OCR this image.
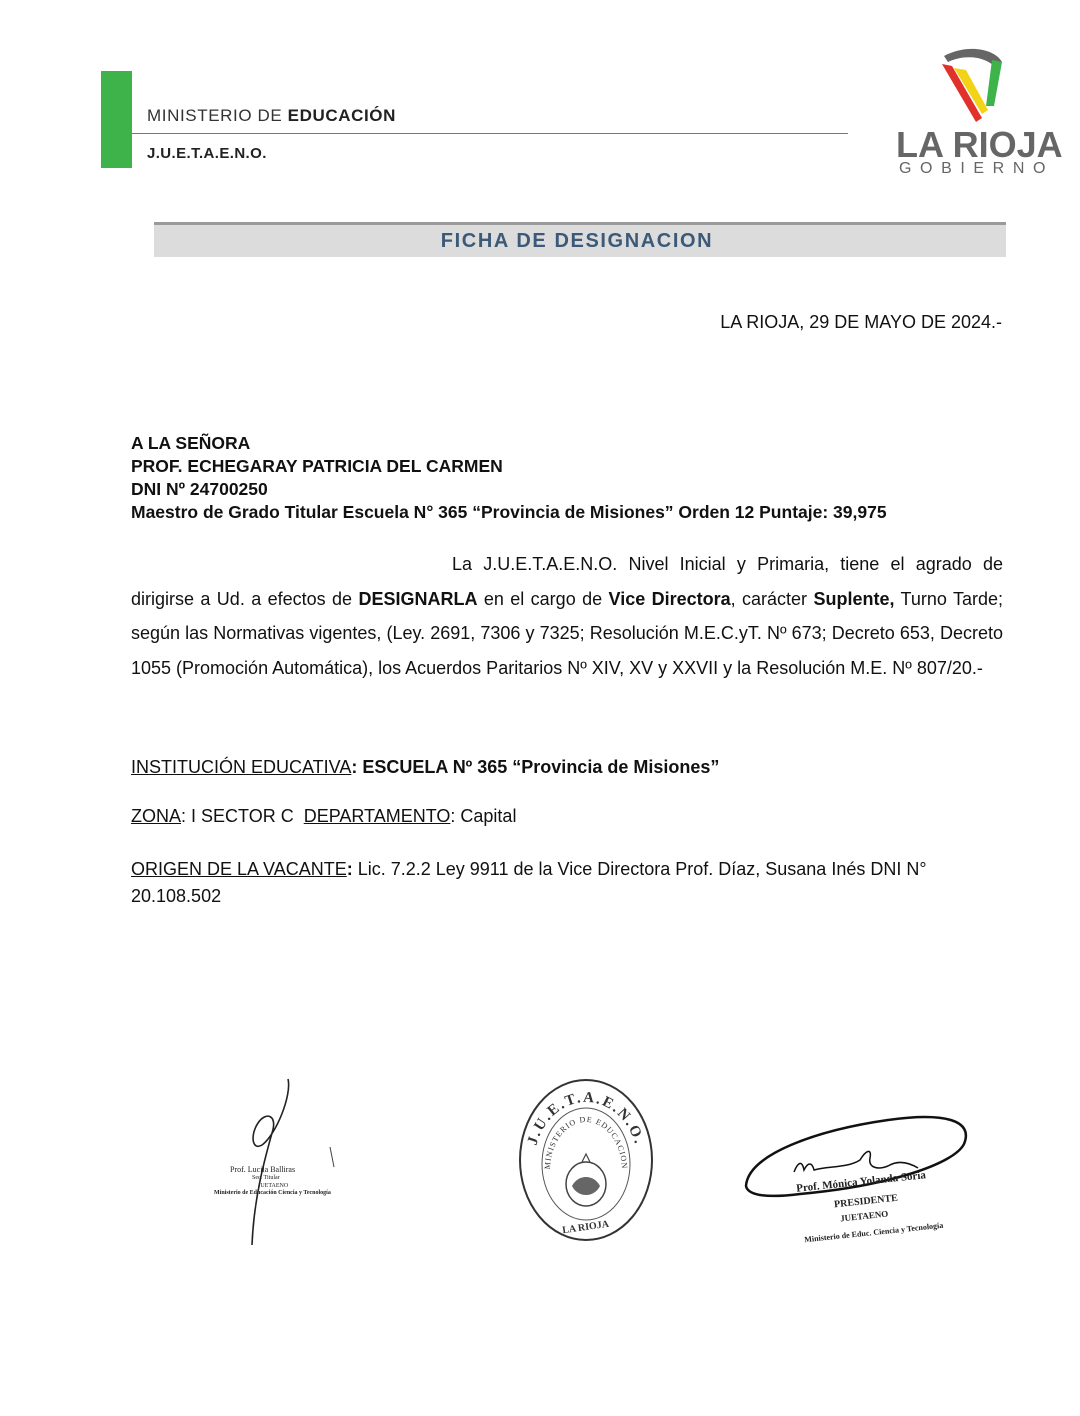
MINISTERIO DE EDUCACIÓN
J.U.E.T.A.E.N.O.	LA RIOJA
GOBIERNO
FICHA DE DESIGNACION
LA RIOJA, 29 DE MAYO DE 2024.-
A LA SEÑORA
PROF. ECHEGARAY PATRICIA DEL CARMEN
DNI Nº 24700250
Maestro de Grado Titular Escuela N° 365 “Provincia de Misiones” Orden 12 Puntaje: 39,975
La J.U.E.T.A.E.N.O. Nivel Inicial y Primaria, tiene el agrado de dirigirse a Ud. a efectos de DESIGNARLA en el cargo de Vice Directora, carácter Suplente, Turno Tarde; según las Normativas vigentes, (Ley. 2691, 7306 y 7325; Resolución M.E.C.yT. Nº 673; Decreto 653, Decreto 1055 (Promoción Automática), los Acuerdos Paritarios Nº XIV, XV y XXVII y la Resolución M.E. Nº 807/20.-
INSTITUCIÓN EDUCATIVA: ESCUELA Nº 365 “Provincia de Misiones”
ZONA: I SECTOR C  DEPARTAMENTO: Capital
ORIGEN DE LA VACANTE: Lic. 7.2.2 Ley 9911 de la Vice Directora Prof. Díaz, Susana Inés DNI N° 20.108.502
Prof. Lucila Balliras
Sec. Titular
JUETAENO
Ministerio de Educación Ciencia y Tecnología
J.U.E.T.A.E.N.O.
MINISTERIO DE EDUCACION
LA RIOJA
Prof. Mónica Yolanda Soria
PRESIDENTE
JUETAENO
Ministerio de Educ. Ciencia y Tecnología
